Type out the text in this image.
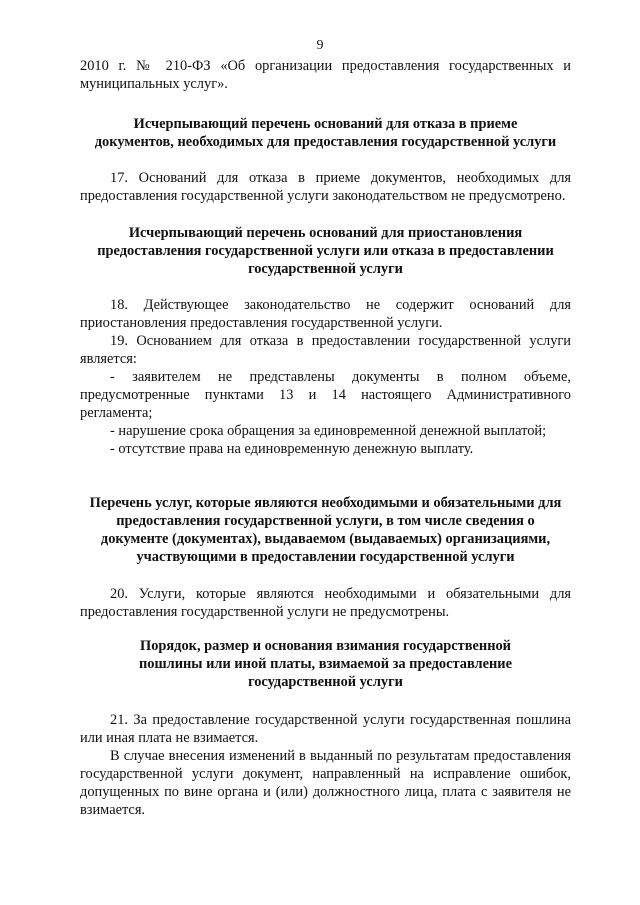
9

2010 г. № 210-ФЗ «Об организации предоставления государственных и муниципальных услуг».

Исчерпывающий перечень оснований для отказа в приеме документов, необходимых для предоставления государственной услуги

17. Оснований для отказа в приеме документов, необходимых для предоставления государственной услуги законодательством не предусмотрено.

Исчерпывающий перечень оснований для приостановления предоставления государственной услуги или отказа в предоставлении государственной услуги

18. Действующее законодательство не содержит оснований для приостановления предоставления государственной услуги.

19. Основанием для отказа в предоставлении государственной услуги является:

- заявителем не представлены документы в полном объеме, предусмотренные пунктами 13 и 14 настоящего Административного регламента;

- нарушение срока обращения за единовременной денежной выплатой;

- отсутствие права на единовременную денежную выплату.

Перечень услуг, которые являются необходимыми и обязательными для предоставления государственной услуги, в том числе сведения о документе (документах), выдаваемом (выдаваемых) организациями, участвующими в предоставлении государственной услуги

20. Услуги, которые являются необходимыми и обязательными для предоставления государственной услуги не предусмотрены.

Порядок, размер и основания взимания государственной пошлины или иной платы, взимаемой за предоставление государственной услуги

21. За предоставление государственной услуги государственная пошлина или иная плата не взимается.

В случае внесения изменений в выданный по результатам предоставления государственной услуги документ, направленный на исправление ошибок, допущенных по вине органа и (или) должностного лица, плата с заявителя не взимается.
